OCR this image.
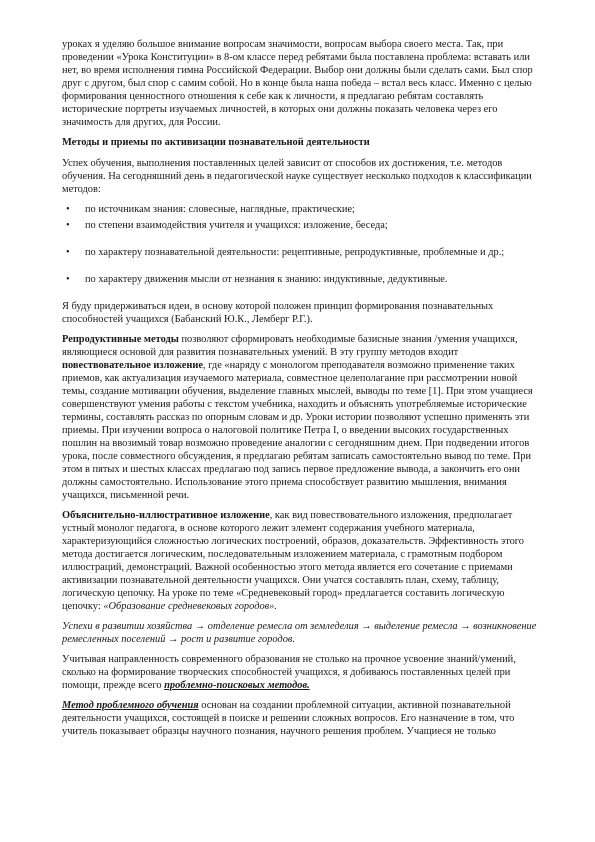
уроках я уделяю большое внимание вопросам значимости, вопросам выбора своего места. Так, при проведении «Урока Конституции» в 8-ом классе перед ребятами была поставлена проблема: вставать или нет, во время исполнения гимна Российской Федерации. Выбор они должны были сделать сами. Был спор друг с другом, был спор с самим собой. Но в конце была наша победа – встал весь класс. Именно с целью формирования ценностного отношения к себе как к личности, я предлагаю ребятам составлять исторические портреты изучаемых личностей, в которых они должны показать человека через его значимость для других, для России.

Методы и приемы по активизации познавательной деятельности

Успех обучения, выполнения поставленных целей зависит от способов их достижения, т.е. методов обучения. На сегодняшний день в педагогической науке существует несколько подходов к классификации методов:

• по источникам знания: словесные, наглядные, практические;
• по степени взаимодействия учителя и учащихся: изложение, беседа;
• по характеру познавательной деятельности: рецептивные, репродуктивные, проблемные и др.;
• по характеру движения мысли от незнания к знанию: индуктивные, дедуктивные.

Я буду придерживаться идеи, в основу которой положен принцип формирования познавательных способностей учащихся (Бабанский Ю.К., Лемберг Р.Г.).

Репродуктивные методы позволяют сформировать необходимые базисные знания /умения учащихся, являющиеся основой для развития познавательных умений. В эту группу методов входит повествовательное изложение, где «наряду с монологом преподавателя возможно применение таких приемов, как актуализация изучаемого материала, совместное целеполагание при рассмотрении новой темы, создание мотивации обучения, выделение главных мыслей, выводы по теме [1]. При этом учащиеся совершенствуют умения работы с текстом учебника, находить и объяснять употребляемые исторические термины, составлять рассказ по опорным словам и др. Уроки истории позволяют успешно применять эти приемы. При изучении вопроса о налоговой политике Петра I, о введении высоких государственных пошлин на ввозимый товар возможно проведение аналогии с сегодняшним днем. При подведении итогов урока, после совместного обсуждения, я предлагаю ребятам записать самостоятельно вывод по теме. При этом в пятых и шестых классах предлагаю под запись первое предложение вывода, а закончить его они должны самостоятельно. Использование этого приема способствует развитию мышления, внимания учащихся, письменной речи.

Объяснительно-иллюстративное изложение, как вид повествовательного изложения, предполагает устный монолог педагога, в основе которого лежит элемент содержания учебного материала, характеризующийся сложностью логических построений, образов, доказательств. Эффективность этого метода достигается логическим, последовательным изложением материала, с грамотным подбором иллюстраций, демонстраций. Важной особенностью этого метода является его сочетание с приемами активизации познавательной деятельности учащихся. Они учатся составлять план, схему, таблицу, логическую цепочку. На уроке по теме «Средневековый город» предлагается составить логическую цепочку: «Образование средневековых городов».

Успехи в развитии хозяйства → отделение ремесла от земледелия → выделение ремесла → возникновение ремесленных поселений → рост и развитие городов.

Учитывая направленность современного образования не столько на прочное усвоение знаний/умений, сколько на формирование творческих способностей учащихся, я добиваюсь поставленных целей при помощи, прежде всего проблемно-поисковых методов.

Метод проблемного обучения основан на создании проблемной ситуации, активной познавательной деятельности учащихся, состоящей в поиске и решении сложных вопросов. Его назначение в том, что учитель показывает образцы научного познания, научного решения проблем. Учащиеся не только
